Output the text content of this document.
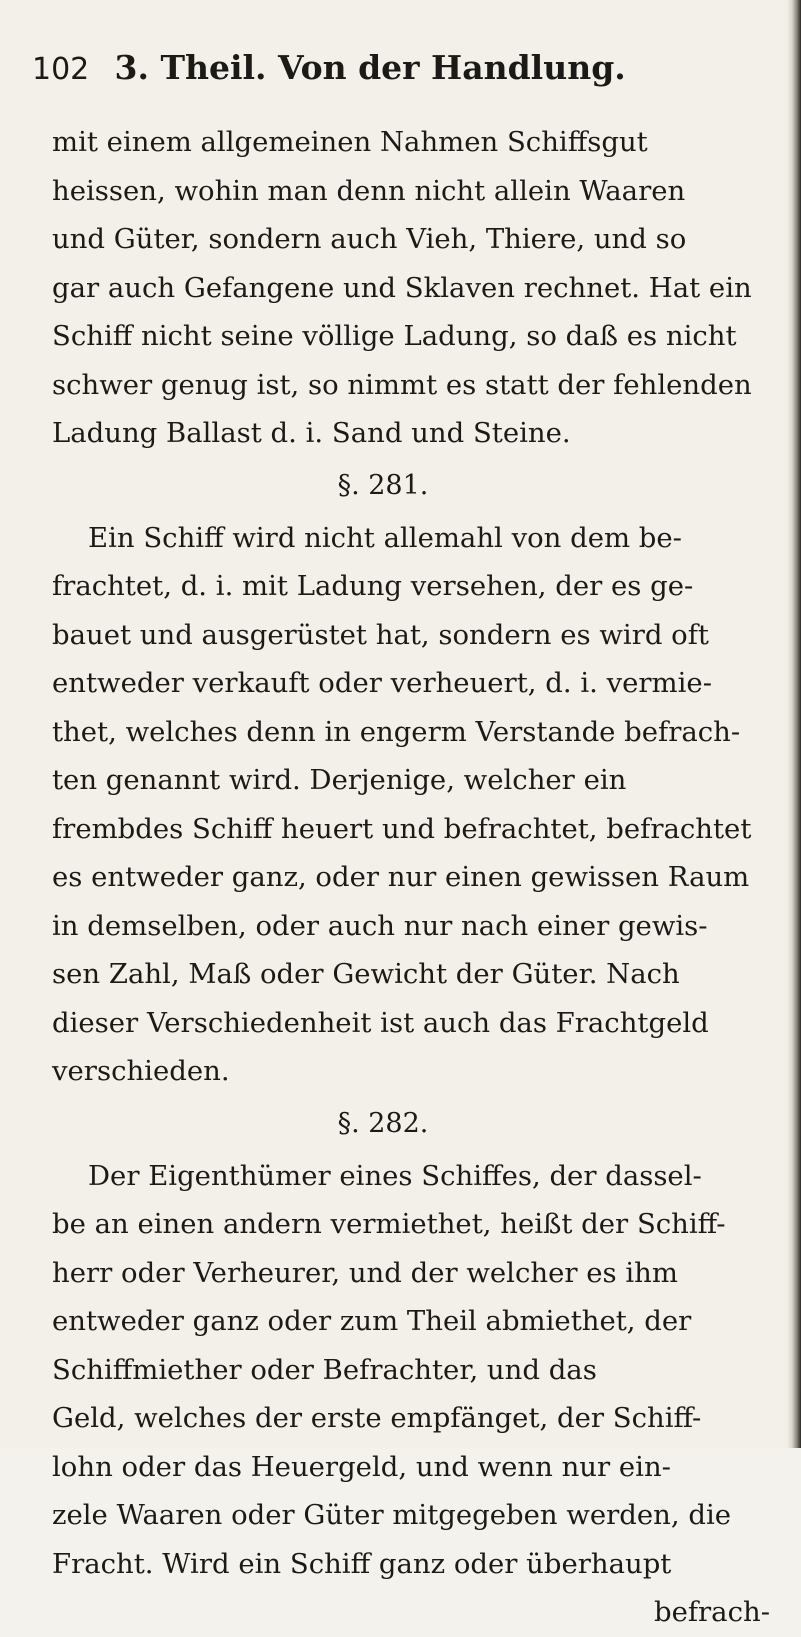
102 3. Theil. Von der Handlung.
mit einem allgemeinen Nahmen Schiffsgut
heissen, wohin man denn nicht allein Waaren
und Güter, sondern auch Vieh, Thiere, und so
gar auch Gefangene und Sklaven rechnet. Hat ein
Schiff nicht seine völlige Ladung, so daß es nicht
schwer genug ist, so nimmt es statt der fehlenden
Ladung Ballast d. i. Sand und Steine.
§. 281.
Ein Schiff wird nicht allemahl von dem be-
frachtet, d. i. mit Ladung versehen, der es ge-
bauet und ausgerüstet hat, sondern es wird oft
entweder verkauft oder verheuert, d. i. vermie-
thet, welches denn in engerm Verstande befrach-
ten genannt wird. Derjenige, welcher ein
frembdes Schiff heuert und befrachtet, befrachtet
es entweder ganz, oder nur einen gewissen Raum
in demselben, oder auch nur nach einer gewis-
sen Zahl, Maß oder Gewicht der Güter. Nach
dieser Verschiedenheit ist auch das Frachtgeld
verschieden.
§. 282.
Der Eigenthümer eines Schiffes, der dassel-
be an einen andern vermiethet, heißt der Schiff-
herr oder Verheurer, und der welcher es ihm
entweder ganz oder zum Theil abmiethet, der
Schiffmiether oder Befrachter, und das
Geld, welches der erste empfänget, der Schiff-
lohn oder das Heuergeld, und wenn nur ein-
zele Waaren oder Güter mitgegeben werden, die
Fracht. Wird ein Schiff ganz oder überhaupt
befrach-
